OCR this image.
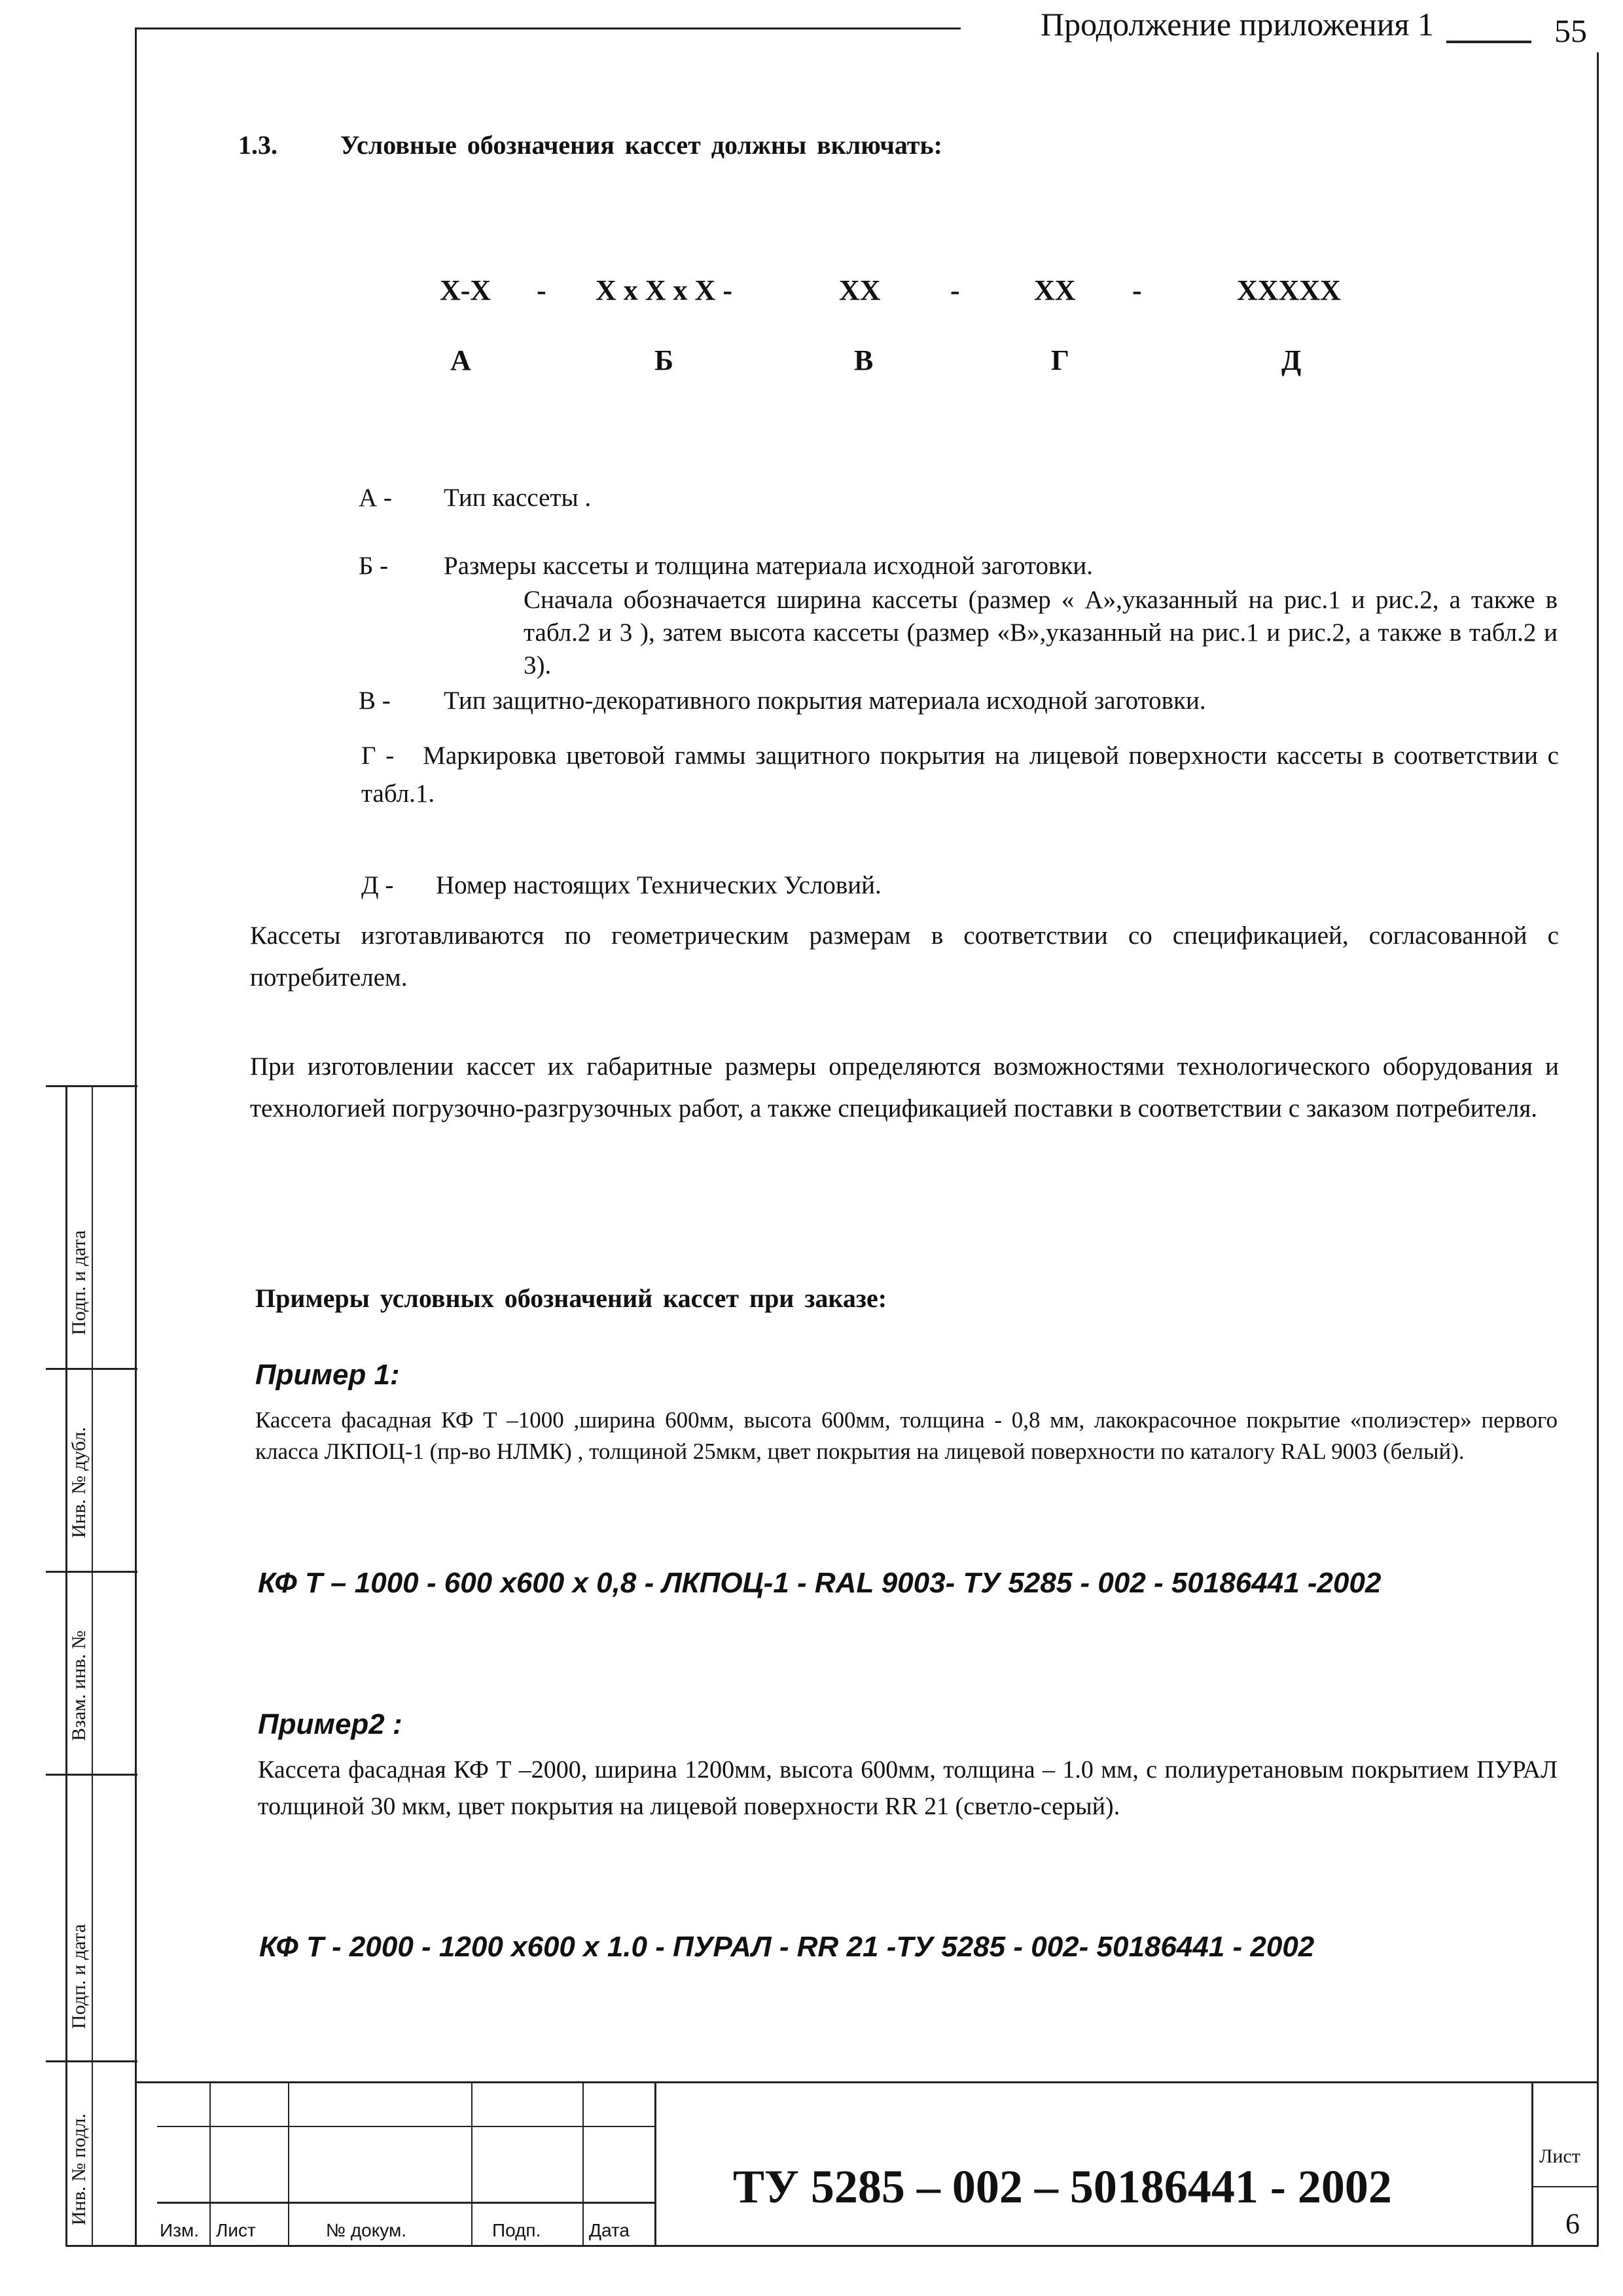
Продолжение приложения 1	55
1.3. Условные обозначения кассет должны включать:
Х-Х - Х х Х х Х -	ХХ -	ХХ -	ХХХХХ
А	Б	В	Г	Д
А - Тип кассеты .
Б - Размеры кассеты и толщина материала исходной заготовки.
Сначала обозначается ширина кассеты (размер « А»,указанный на рис.1 и рис.2, а также в табл.2 и 3 ), затем высота кассеты (размер «В»,указанный на рис.1 и рис.2, а также в табл.2 и 3).
В - Тип защитно-декоративного покрытия материала исходной заготовки.
Г - Маркировка цветовой гаммы защитного покрытия на лицевой поверхности кассеты в соответствии с табл.1.
Д - Номер настоящих Технических Условий.
Кассеты изготавливаются по геометрическим размерам в соответствии со спецификацией, согласованной с потребителем.
При изготовлении кассет их габаритные размеры определяются возможностями технологического оборудования и технологией погрузочно-разгрузочных работ, а также спецификацией поставки в соответствии с заказом потребителя.
Примеры условных обозначений кассет при заказе:
Пример 1:
Кассета фасадная КФ Т –1000 ,ширина 600мм, высота 600мм, толщина - 0,8 мм, лакокрасочное покрытие «полиэстер» первого класса ЛКПОЦ-1 (пр-во НЛМК) , толщиной 25мкм, цвет покрытия на лицевой поверхности по каталогу RAL 9003 (белый).
КФ Т – 1000 - 600 х600 х 0,8 - ЛКПОЦ-1 - RAL 9003- ТУ 5285 - 002 - 50186441 -2002
Пример2 :
Кассета фасадная КФ Т –2000, ширина 1200мм, высота 600мм, толщина – 1.0 мм, с полиуретановым покрытием ПУРАЛ толщиной 30 мкм, цвет покрытия на лицевой поверхности RR 21 (светло-серый).
КФ Т - 2000 - 1200 х600 х 1.0 - ПУРАЛ - RR 21 -ТУ 5285 - 002- 50186441 - 2002
Подп. и дата
Инв. № дубл.
Взам. инв. №
Подп. и дата
Инв. № подл.
Изм. Лист	№ докум.	Подп.	Дата
ТУ 5285 – 002 – 50186441 - 2002
Лист
6
